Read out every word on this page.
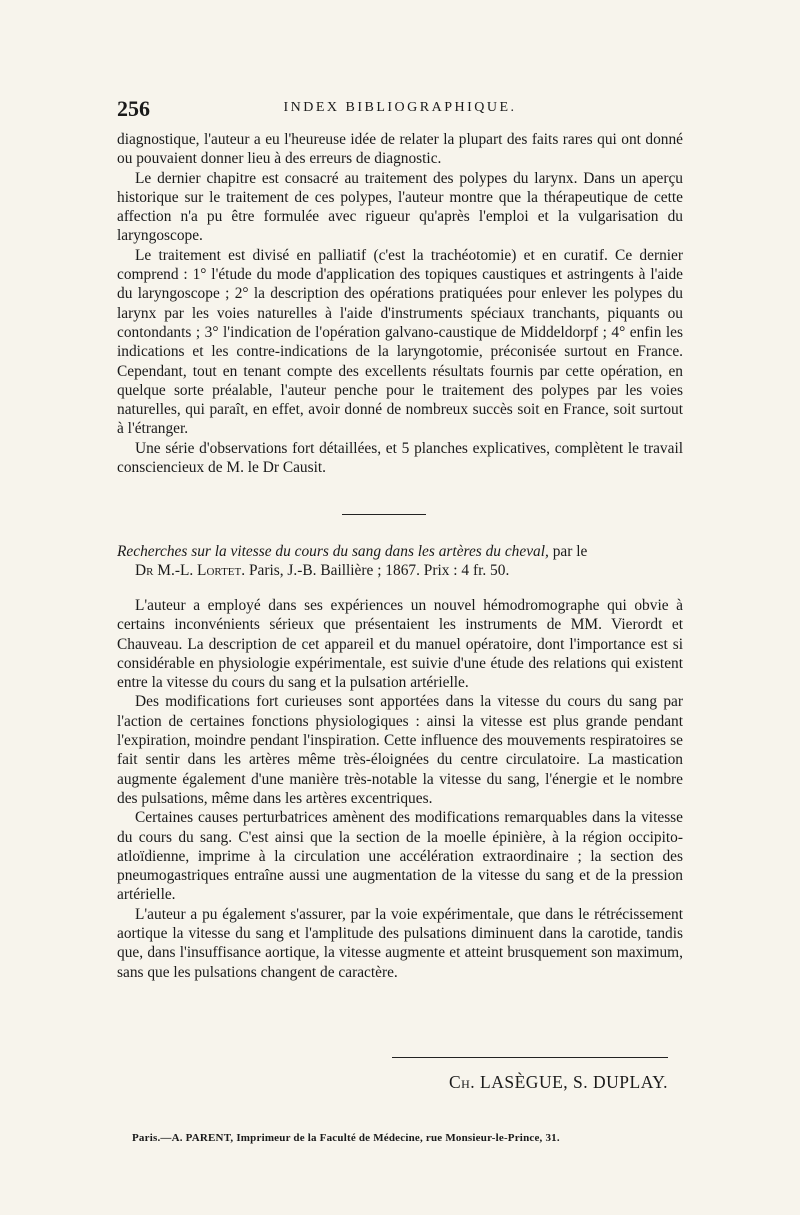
256	INDEX BIBLIOGRAPHIQUE.

diagnostique, l'auteur a eu l'heureuse idée de relater la plupart des faits rares qui ont donné ou pouvaient donner lieu à des erreurs de diagnostic.

Le dernier chapitre est consacré au traitement des polypes du larynx. Dans un aperçu historique sur le traitement de ces polypes, l'auteur montre que la thérapeutique de cette affection n'a pu être formulée avec rigueur qu'après l'emploi et la vulgarisation du laryngoscope.

Le traitement est divisé en palliatif (c'est la trachéotomie) et en curatif. Ce dernier comprend : 1° l'étude du mode d'application des topiques caustiques et astringents à l'aide du laryngoscope ; 2° la description des opérations pratiquées pour enlever les polypes du larynx par les voies naturelles à l'aide d'instruments spéciaux tranchants, piquants ou contondants ; 3° l'indication de l'opération galvano-caustique de Middeldorpf ; 4° enfin les indications et les contre-indications de la laryngotomie, préconisée surtout en France. Cependant, tout en tenant compte des excellents résultats fournis par cette opération, en quelque sorte préalable, l'auteur penche pour le traitement des polypes par les voies naturelles, qui paraît, en effet, avoir donné de nombreux succès soit en France, soit surtout à l'étranger.

Une série d'observations fort détaillées, et 5 planches explicatives, complètent le travail consciencieux de M. le Dr Causit.

Recherches sur la vitesse du cours du sang dans les artères du cheval, par le
Dr M.-L. Lortet. Paris, J.-B. Baillière ; 1867. Prix : 4 fr. 50.

L'auteur a employé dans ses expériences un nouvel hémodromographe qui obvie à certains inconvénients sérieux que présentaient les instruments de MM. Vierordt et Chauveau. La description de cet appareil et du manuel opératoire, dont l'importance est si considérable en physiologie expérimentale, est suivie d'une étude des relations qui existent entre la vitesse du cours du sang et la pulsation artérielle.

Des modifications fort curieuses sont apportées dans la vitesse du cours du sang par l'action de certaines fonctions physiologiques : ainsi la vitesse est plus grande pendant l'expiration, moindre pendant l'inspiration. Cette influence des mouvements respiratoires se fait sentir dans les artères même très-éloignées du centre circulatoire. La mastication augmente également d'une manière très-notable la vitesse du sang, l'énergie et le nombre des pulsations, même dans les artères excentriques.

Certaines causes perturbatrices amènent des modifications remarquables dans la vitesse du cours du sang. C'est ainsi que la section de la moelle épinière, à la région occipito-atloïdienne, imprime à la circulation une accélération extraordinaire ; la section des pneumogastriques entraîne aussi une augmentation de la vitesse du sang et de la pression artérielle.

L'auteur a pu également s'assurer, par la voie expérimentale, que dans le rétrécissement aortique la vitesse du sang et l'amplitude des pulsations diminuent dans la carotide, tandis que, dans l'insuffisance aortique, la vitesse augmente et atteint brusquement son maximum, sans que les pulsations changent de caractère.

Ch. LASÈGUE, S. DUPLAY.
Paris.—A. PARENT, Imprimeur de la Faculté de Médecine, rue Monsieur-le-Prince, 31.
